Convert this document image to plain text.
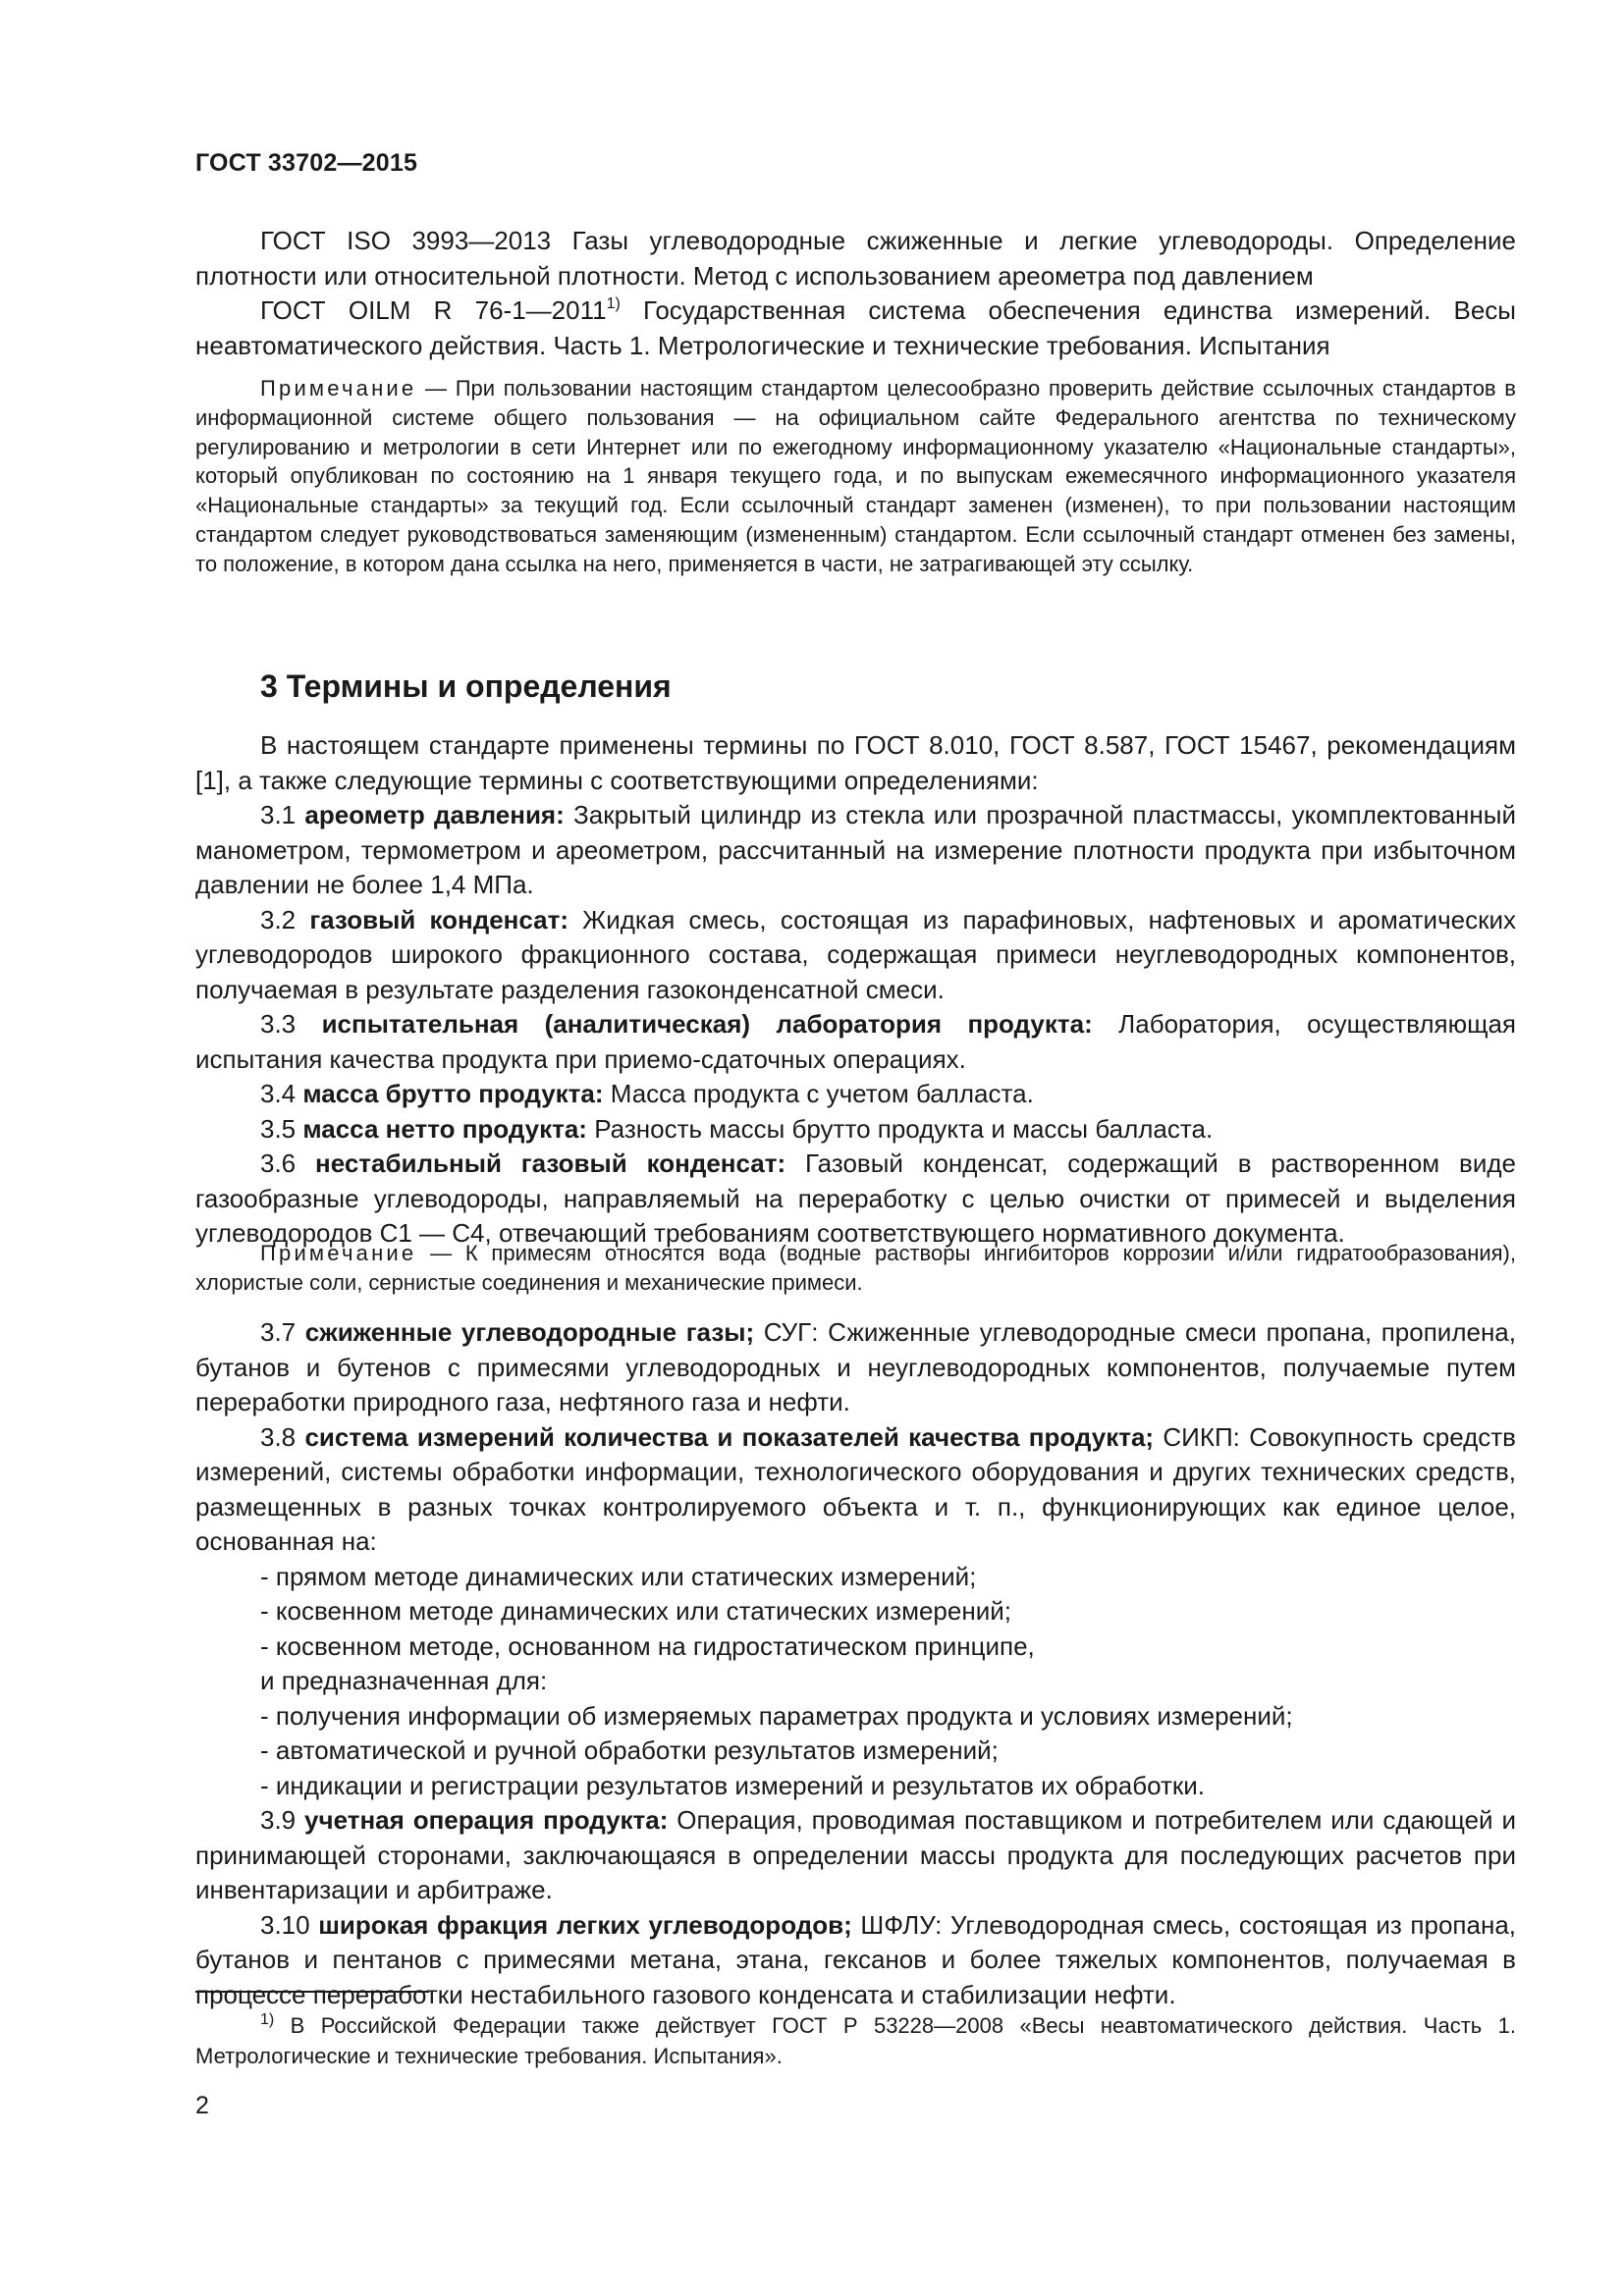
ГОСТ 33702—2015

ГОСТ ISO 3993—2013 Газы углеводородные сжиженные и легкие углеводороды. Определение плотности или относительной плотности. Метод с использованием ареометра под давлением

ГОСТ OILM R 76-1—2011$^{1)}$ Государственная система обеспечения единства измерений. Весы неавтоматического действия. Часть 1. Метрологические и технические требования. Испытания

Примечание — При пользовании настоящим стандартом целесообразно проверить действие ссылочных стандартов в информационной системе общего пользования — на официальном сайте Федерального агентства по техническому регулированию и метрологии в сети Интернет или по ежегодному информационному указателю «Национальные стандарты», который опубликован по состоянию на 1 января текущего года, и по выпускам ежемесячного информационного указателя «Национальные стандарты» за текущий год. Если ссылочный стандарт заменен (изменен), то при пользовании настоящим стандартом следует руководствоваться заменяющим (измененным) стандартом. Если ссылочный стандарт отменен без замены, то положение, в котором дана ссылка на него, применяется в части, не затрагивающей эту ссылку.

3 Термины и определения

В настоящем стандарте применены термины по ГОСТ 8.010, ГОСТ 8.587, ГОСТ 15467, рекомендациям [1], а также следующие термины с соответствующими определениями:

3.1 ареометр давления: Закрытый цилиндр из стекла или прозрачной пластмассы, укомплектованный манометром, термометром и ареометром, рассчитанный на измерение плотности продукта при избыточном давлении не более 1,4 МПа.

3.2 газовый конденсат: Жидкая смесь, состоящая из парафиновых, нафтеновых и ароматических углеводородов широкого фракционного состава, содержащая примеси неуглеводородных компонентов, получаемая в результате разделения газоконденсатной смеси.

3.3 испытательная (аналитическая) лаборатория продукта: Лаборатория, осуществляющая испытания качества продукта при приемо-сдаточных операциях.

3.4 масса брутто продукта: Масса продукта с учетом балласта.

3.5 масса нетто продукта: Разность массы брутто продукта и массы балласта.

3.6 нестабильный газовый конденсат: Газовый конденсат, содержащий в растворенном виде газообразные углеводороды, направляемый на переработку с целью очистки от примесей и выделения углеводородов С1 — С4, отвечающий требованиям соответствующего нормативного документа.

Примечание — К примесям относятся вода (водные растворы ингибиторов коррозии и/или гидратообразования), хлористые соли, сернистые соединения и механические примеси.

3.7 сжиженные углеводородные газы; СУГ: Сжиженные углеводородные смеси пропана, пропилена, бутанов и бутенов с примесями углеводородных и неуглеводородных компонентов, получаемые путем переработки природного газа, нефтяного газа и нефти.

3.8 система измерений количества и показателей качества продукта; СИКП: Совокупность средств измерений, системы обработки информации, технологического оборудования и других технических средств, размещенных в разных точках контролируемого объекта и т. п., функционирующих как единое целое, основанная на:

- прямом методе динамических или статических измерений;

- косвенном методе динамических или статических измерений;

- косвенном методе, основанном на гидростатическом принципе,

и предназначенная для:

- получения информации об измеряемых параметрах продукта и условиях измерений;

- автоматической и ручной обработки результатов измерений;

- индикации и регистрации результатов измерений и результатов их обработки.

3.9 учетная операция продукта: Операция, проводимая поставщиком и потребителем или сдающей и принимающей сторонами, заключающаяся в определении массы продукта для последующих расчетов при инвентаризации и арбитраже.

3.10 широкая фракция легких углеводородов; ШФЛУ: Углеводородная смесь, состоящая из пропана, бутанов и пентанов с примесями метана, этана, гексанов и более тяжелых компонентов, получаемая в процессе переработки нестабильного газового конденсата и стабилизации нефти.

$^{1)}$ В Российской Федерации также действует ГОСТ Р 53228—2008 «Весы неавтоматического действия. Часть 1. Метрологические и технические требования. Испытания».

2
